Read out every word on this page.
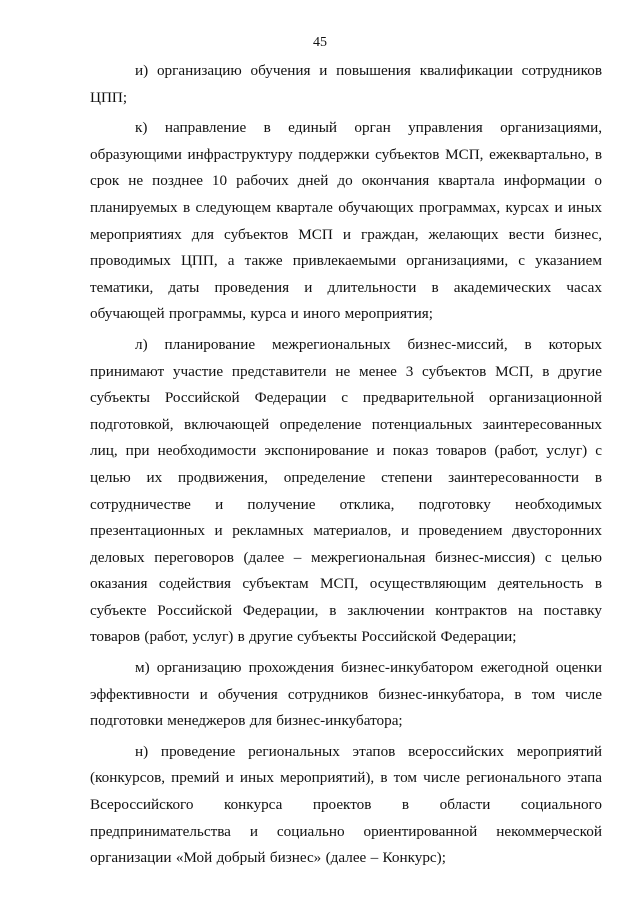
45

и) организацию обучения и повышения квалификации сотрудников ЦПП;

к) направление в единый орган управления организациями, образующими инфраструктуру поддержки субъектов МСП, ежеквартально, в срок не позднее 10 рабочих дней до окончания квартала информации о планируемых в следующем квартале обучающих программах, курсах и иных мероприятиях для субъектов МСП и граждан, желающих вести бизнес, проводимых ЦПП, а также привлекаемыми организациями, с указанием тематики, даты проведения и длительности в академических часах обучающей программы, курса и иного мероприятия;

л) планирование межрегиональных бизнес-миссий, в которых принимают участие представители не менее 3 субъектов МСП, в другие субъекты Российской Федерации с предварительной организационной подготовкой, включающей определение потенциальных заинтересованных лиц, при необходимости экспонирование и показ товаров (работ, услуг) с целью их продвижения, определение степени заинтересованности в сотрудничестве и получение отклика, подготовку необходимых презентационных и рекламных материалов, и проведением двусторонних деловых переговоров (далее – межрегиональная бизнес-миссия) с целью оказания содействия субъектам МСП, осуществляющим деятельность в субъекте Российской Федерации, в заключении контрактов на поставку товаров (работ, услуг) в другие субъекты Российской Федерации;

м) организацию прохождения бизнес-инкубатором ежегодной оценки эффективности и обучения сотрудников бизнес-инкубатора, в том числе подготовки менеджеров для бизнес-инкубатора;

н) проведение региональных этапов всероссийских мероприятий (конкурсов, премий и иных мероприятий), в том числе регионального этапа Всероссийского конкурса проектов в области социального предпринимательства и социально ориентированной некоммерческой организации «Мой добрый бизнес» (далее – Конкурс);
